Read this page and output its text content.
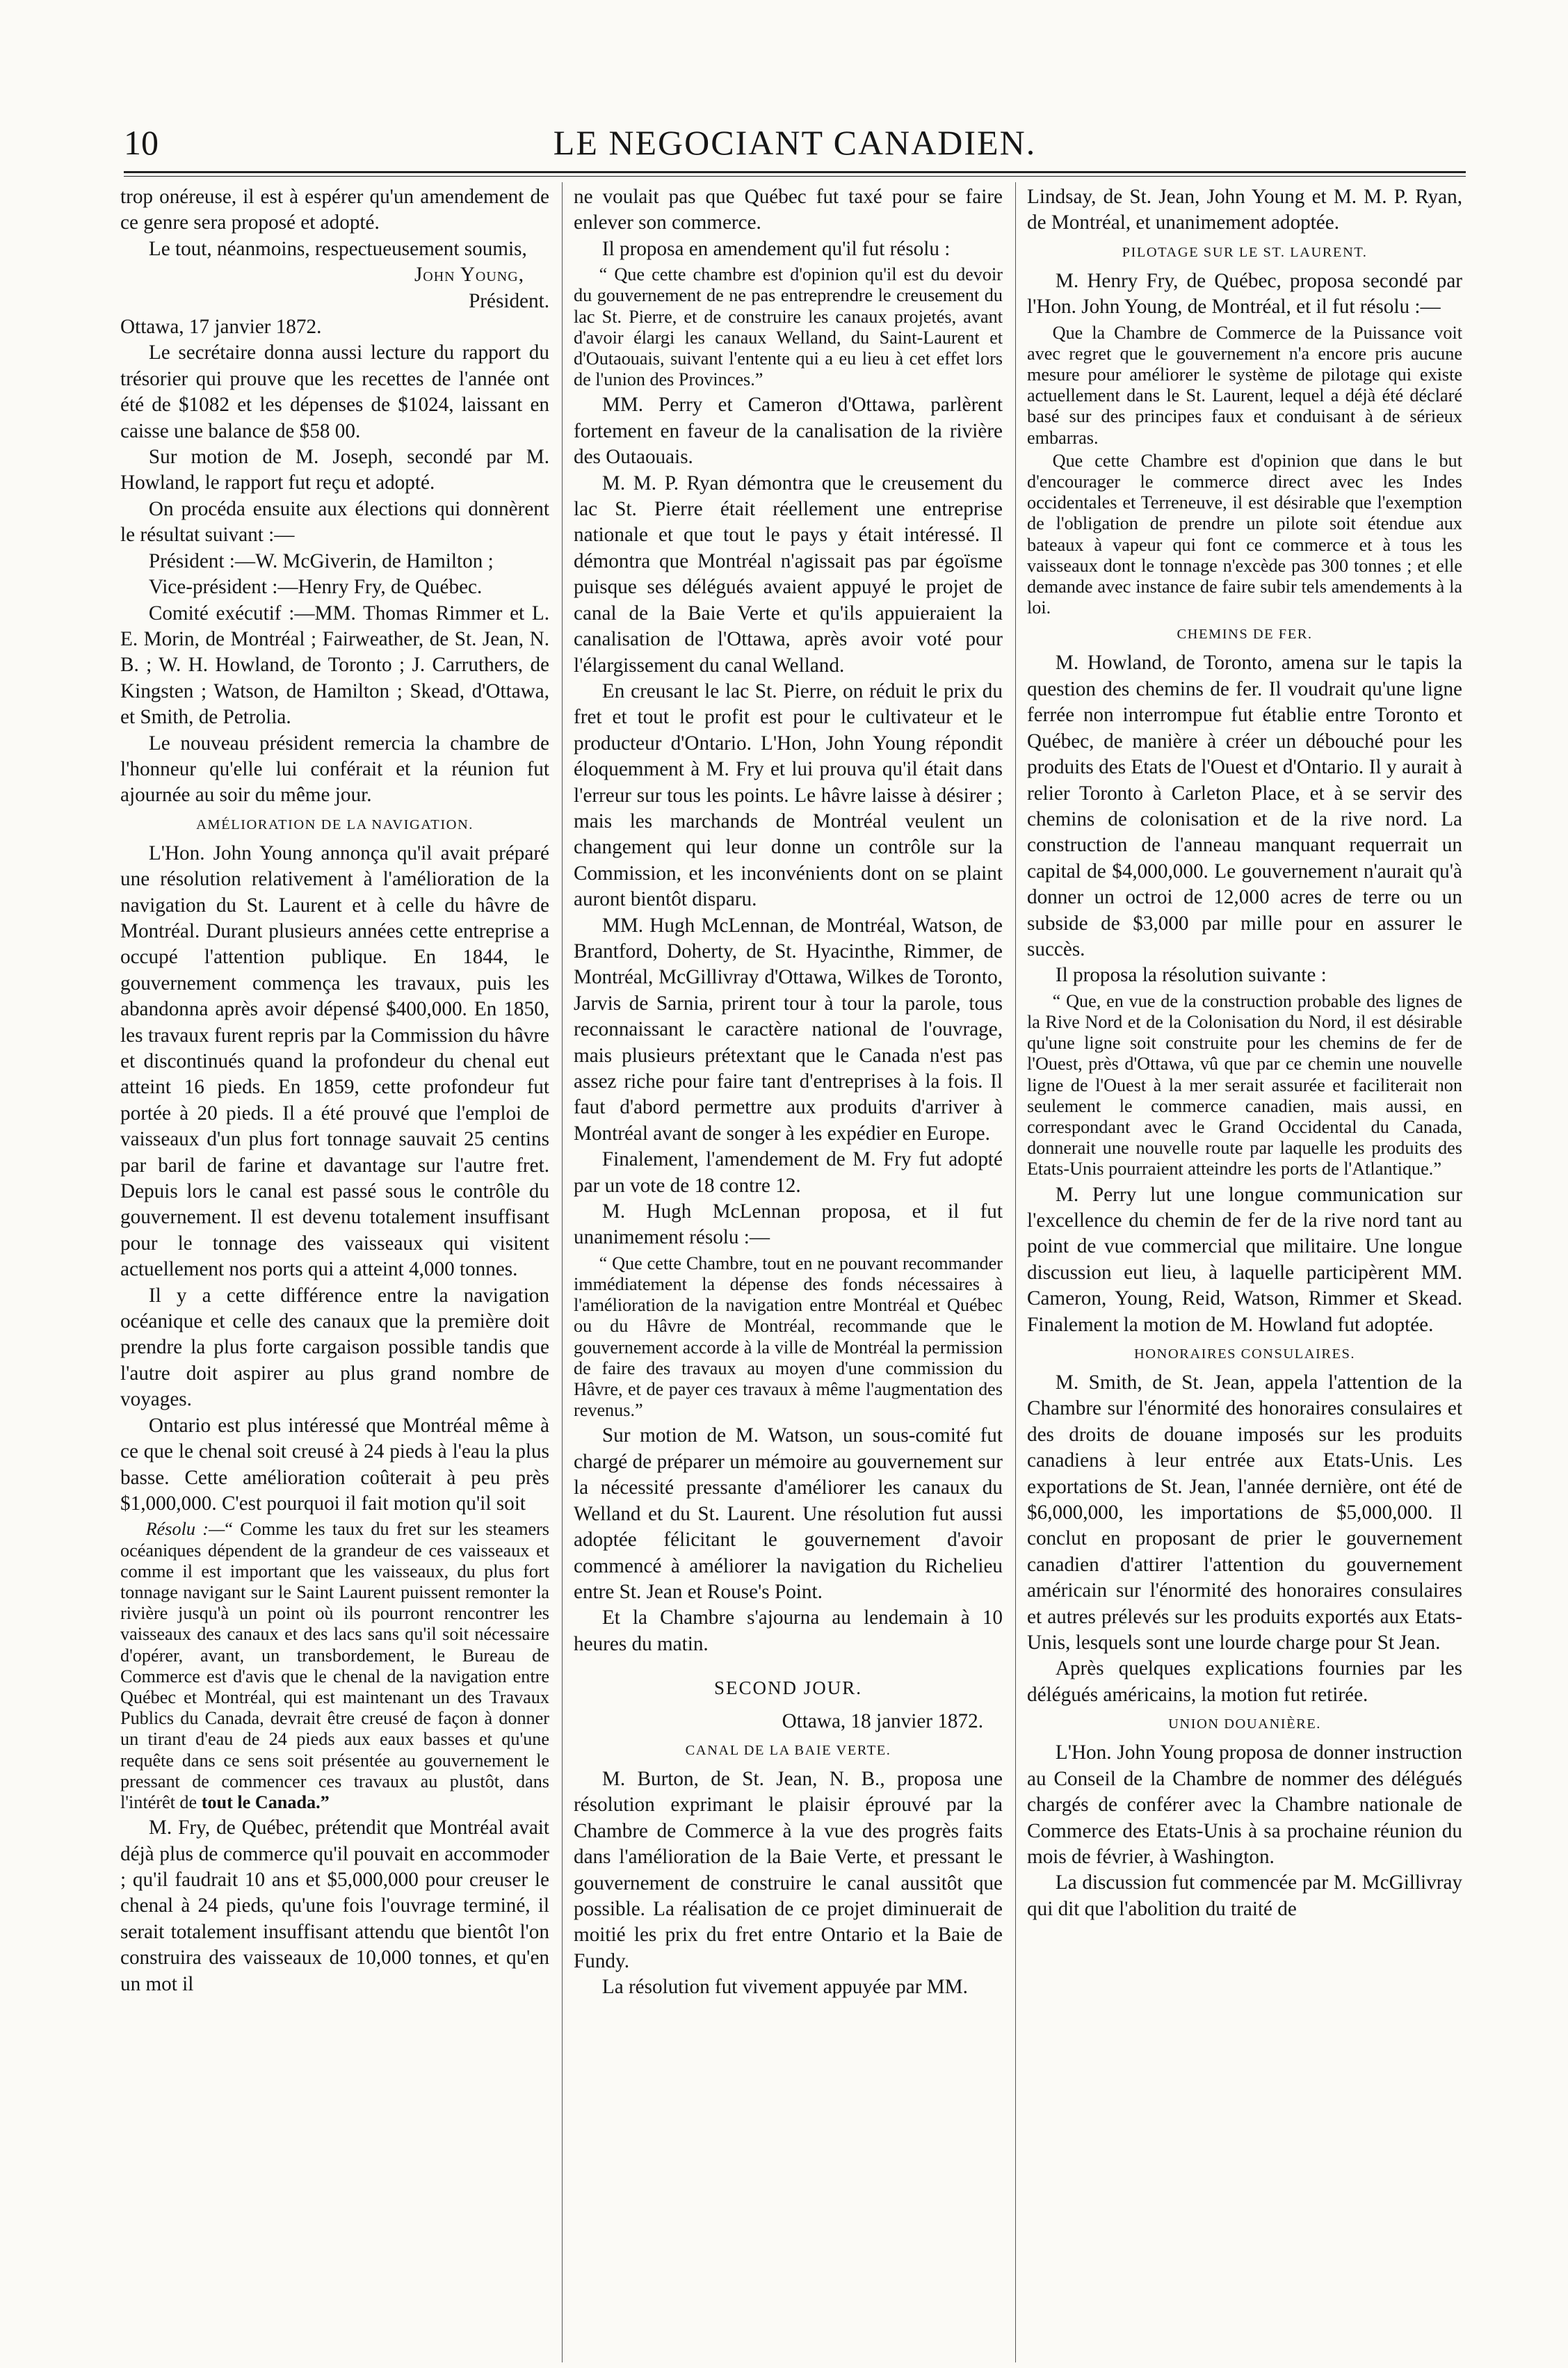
10	LE NEGOCIANT CANADIEN.

trop onéreuse, il est à espérer qu'un amendement de ce genre sera proposé et adopté.

Le tout, néanmoins, respectueusement soumis,

John Young,

Président.

Ottawa, 17 janvier 1872.

Le secrétaire donna aussi lecture du rapport du trésorier qui prouve que les recettes de l'année ont été de $1082 et les dépenses de $1024, laissant en caisse une balance de $58 00.

Sur motion de M. Joseph, secondé par M. Howland, le rapport fut reçu et adopté.

On procéda ensuite aux élections qui donnèrent le résultat suivant :—

Président :—W. McGiverin, de Hamilton ;

Vice-président :—Henry Fry, de Québec.

Comité exécutif :—MM. Thomas Rimmer et L. E. Morin, de Montréal ; Fairweather, de St. Jean, N. B. ; W. H. Howland, de Toronto ; J. Carruthers, de Kingsten ; Watson, de Hamilton ; Skead, d'Ottawa, et Smith, de Petrolia.

Le nouveau président remercia la chambre de l'honneur qu'elle lui conférait et la réunion fut ajournée au soir du même jour.

AMÉLIORATION DE LA NAVIGATION.

L'Hon. John Young annonça qu'il avait préparé une résolution relativement à l'amélioration de la navigation du St. Laurent et à celle du hâvre de Montréal. Durant plusieurs années cette entreprise a occupé l'attention publique. En 1844, le gouvernement commença les travaux, puis les abandonna après avoir dépensé $400,000. En 1850, les travaux furent repris par la Commission du hâvre et discontinués quand la profondeur du chenal eut atteint 16 pieds. En 1859, cette profondeur fut portée à 20 pieds. Il a été prouvé que l'emploi de vaisseaux d'un plus fort tonnage sauvait 25 centins par baril de farine et davantage sur l'autre fret. Depuis lors le canal est passé sous le contrôle du gouvernement. Il est devenu totalement insuffisant pour le tonnage des vaisseaux qui visitent actuellement nos ports qui a atteint 4,000 tonnes.

Il y a cette différence entre la navigation océanique et celle des canaux que la première doit prendre la plus forte cargaison possible tandis que l'autre doit aspirer au plus grand nombre de voyages.

Ontario est plus intéressé que Montréal même à ce que le chenal soit creusé à 24 pieds à l'eau la plus basse. Cette amélioration coûterait à peu près $1,000,000. C'est pourquoi il fait motion qu'il soit

Résolu :—“ Comme les taux du fret sur les steamers océaniques dépendent de la grandeur de ces vaisseaux et comme il est important que les vaisseaux, du plus fort tonnage navigant sur le Saint Laurent puissent remonter la rivière jusqu'à un point où ils pourront rencontrer les vaisseaux des canaux et des lacs sans qu'il soit nécessaire d'opérer, avant, un transbordement, le Bureau de Commerce est d'avis que le chenal de la navigation entre Québec et Montréal, qui est maintenant un des Travaux Publics du Canada, devrait être creusé de façon à donner un tirant d'eau de 24 pieds aux eaux basses et qu'une requête dans ce sens soit présentée au gouvernement le pressant de commencer ces travaux au plustôt, dans l'intérêt de tout le Canada.”

M. Fry, de Québec, prétendit que Montréal avait déjà plus de commerce qu'il pouvait en accommoder ; qu'il faudrait 10 ans et $5,000,000 pour creuser le chenal à 24 pieds, qu'une fois l'ouvrage terminé, il serait totalement insuffisant attendu que bientôt l'on construira des vaisseaux de 10,000 tonnes, et qu'en un mot il

ne voulait pas que Québec fut taxé pour se faire enlever son commerce.

Il proposa en amendement qu'il fut résolu :

“ Que cette chambre est d'opinion qu'il est du devoir du gouvernement de ne pas entreprendre le creusement du lac St. Pierre, et de construire les canaux projetés, avant d'avoir élargi les canaux Welland, du Saint-Laurent et d'Outaouais, suivant l'entente qui a eu lieu à cet effet lors de l'union des Provinces.”

MM. Perry et Cameron d'Ottawa, parlèrent fortement en faveur de la canalisation de la rivière des Outaouais.

M. M. P. Ryan démontra que le creusement du lac St. Pierre était réellement une entreprise nationale et que tout le pays y était intéressé. Il démontra que Montréal n'agissait pas par égoïsme puisque ses délégués avaient appuyé le projet de canal de la Baie Verte et qu'ils appuieraient la canalisation de l'Ottawa, après avoir voté pour l'élargissement du canal Welland.

En creusant le lac St. Pierre, on réduit le prix du fret et tout le profit est pour le cultivateur et le producteur d'Ontario. L'Hon, John Young répondit éloquemment à M. Fry et lui prouva qu'il était dans l'erreur sur tous les points. Le hâvre laisse à désirer ; mais les marchands de Montréal veulent un changement qui leur donne un contrôle sur la Commission, et les inconvénients dont on se plaint auront bientôt disparu.

MM. Hugh McLennan, de Montréal, Watson, de Brantford, Doherty, de St. Hyacinthe, Rimmer, de Montréal, McGillivray d'Ottawa, Wilkes de Toronto, Jarvis de Sarnia, prirent tour à tour la parole, tous reconnaissant le caractère national de l'ouvrage, mais plusieurs prétextant que le Canada n'est pas assez riche pour faire tant d'entreprises à la fois. Il faut d'abord permettre aux produits d'arriver à Montréal avant de songer à les expédier en Europe.

Finalement, l'amendement de M. Fry fut adopté par un vote de 18 contre 12.

M. Hugh McLennan proposa, et il fut unanimement résolu :—

“ Que cette Chambre, tout en ne pouvant recommander immédiatement la dépense des fonds nécessaires à l'amélioration de la navigation entre Montréal et Québec ou du Hâvre de Montréal, recommande que le gouvernement accorde à la ville de Montréal la permission de faire des travaux au moyen d'une commission du Hâvre, et de payer ces travaux à même l'augmentation des revenus.”

Sur motion de M. Watson, un sous-comité fut chargé de préparer un mémoire au gouvernement sur la nécessité pressante d'améliorer les canaux du Welland et du St. Laurent. Une résolution fut aussi adoptée félicitant le gouvernement d'avoir commencé à améliorer la navigation du Richelieu entre St. Jean et Rouse's Point.

Et la Chambre s'ajourna au lendemain à 10 heures du matin.

SECOND JOUR.

Ottawa, 18 janvier 1872.

CANAL DE LA BAIE VERTE.

M. Burton, de St. Jean, N. B., proposa une résolution exprimant le plaisir éprouvé par la Chambre de Commerce à la vue des progrès faits dans l'amélioration de la Baie Verte, et pressant le gouvernement de construire le canal aussitôt que possible. La réalisation de ce projet diminuerait de moitié les prix du fret entre Ontario et la Baie de Fundy.

La résolution fut vivement appuyée par MM.

Lindsay, de St. Jean, John Young et M. M. P. Ryan, de Montréal, et unanimement adoptée.

PILOTAGE SUR LE ST. LAURENT.

M. Henry Fry, de Québec, proposa secondé par l'Hon. John Young, de Montréal, et il fut résolu :—

Que la Chambre de Commerce de la Puissance voit avec regret que le gouvernement n'a encore pris aucune mesure pour améliorer le système de pilotage qui existe actuellement dans le St. Laurent, lequel a déjà été déclaré basé sur des principes faux et conduisant à de sérieux embarras.

Que cette Chambre est d'opinion que dans le but d'encourager le commerce direct avec les Indes occidentales et Terreneuve, il est désirable que l'exemption de l'obligation de prendre un pilote soit étendue aux bateaux à vapeur qui font ce commerce et à tous les vaisseaux dont le tonnage n'excède pas 300 tonnes ; et elle demande avec instance de faire subir tels amendements à la loi.

CHEMINS DE FER.

M. Howland, de Toronto, amena sur le tapis la question des chemins de fer. Il voudrait qu'une ligne ferrée non interrompue fut établie entre Toronto et Québec, de manière à créer un débouché pour les produits des Etats de l'Ouest et d'Ontario. Il y aurait à relier Toronto à Carleton Place, et à se servir des chemins de colonisation et de la rive nord. La construction de l'anneau manquant requerrait un capital de $4,000,000. Le gouvernement n'aurait qu'à donner un octroi de 12,000 acres de terre ou un subside de $3,000 par mille pour en assurer le succès.

Il proposa la résolution suivante :

“ Que, en vue de la construction probable des lignes de la Rive Nord et de la Colonisation du Nord, il est désirable qu'une ligne soit construite pour les chemins de fer de l'Ouest, près d'Ottawa, vû que par ce chemin une nouvelle ligne de l'Ouest à la mer serait assurée et faciliterait non seulement le commerce canadien, mais aussi, en correspondant avec le Grand Occidental du Canada, donnerait une nouvelle route par laquelle les produits des Etats-Unis pourraient atteindre les ports de l'Atlantique.”

M. Perry lut une longue communication sur l'excellence du chemin de fer de la rive nord tant au point de vue commercial que militaire. Une longue discussion eut lieu, à laquelle participèrent MM. Cameron, Young, Reid, Watson, Rimmer et Skead. Finalement la motion de M. Howland fut adoptée.

HONORAIRES CONSULAIRES.

M. Smith, de St. Jean, appela l'attention de la Chambre sur l'énormité des honoraires consulaires et des droits de douane imposés sur les produits canadiens à leur entrée aux Etats-Unis. Les exportations de St. Jean, l'année dernière, ont été de $6,000,000, les importations de $5,000,000. Il conclut en proposant de prier le gouvernement canadien d'attirer l'attention du gouvernement américain sur l'énormité des honoraires consulaires et autres prélevés sur les produits exportés aux Etats-Unis, lesquels sont une lourde charge pour St Jean.

Après quelques explications fournies par les délégués américains, la motion fut retirée.

UNION DOUANIÈRE.

L'Hon. John Young proposa de donner instruction au Conseil de la Chambre de nommer des délégués chargés de conférer avec la Chambre nationale de Commerce des Etats-Unis à sa prochaine réunion du mois de février, à Washington.

La discussion fut commencée par M. McGillivray qui dit que l'abolition du traité de
